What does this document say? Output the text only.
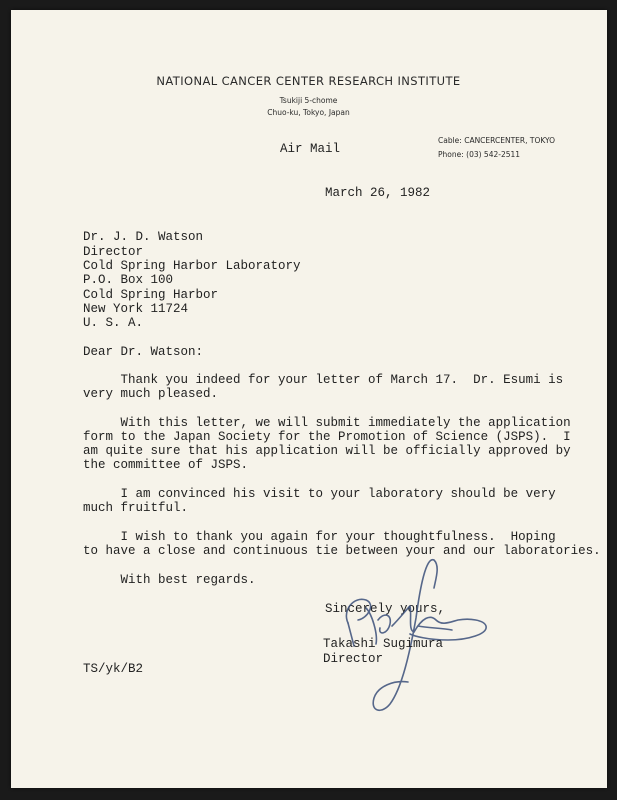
NATIONAL CANCER CENTER RESEARCH INSTITUTE
Tsukiji 5-chome
Chuo-ku, Tokyo, Japan
Cable: CANCERCENTER, TOKYO
Phone: (03) 542-2511
Air Mail
March 26, 1982
Dr. J. D. Watson
Director
Cold Spring Harbor Laboratory
P.O. Box 100
Cold Spring Harbor
New York 11724
U. S. A.
Dear Dr. Watson:
Thank you indeed for your letter of March 17.  Dr. Esumi is
very much pleased.
With this letter, we will submit immediately the application
form to the Japan Society for the Promotion of Science (JSPS).  I
am quite sure that his application will be officially approved by
the committee of JSPS.
I am convinced his visit to your laboratory should be very
much fruitful.
I wish to thank you again for your thoughtfulness.  Hoping
to have a close and continuous tie between your and our laboratories.
With best regards.
Sincerely yours,
Takashi Sugimura
Director
TS/yk/B2
